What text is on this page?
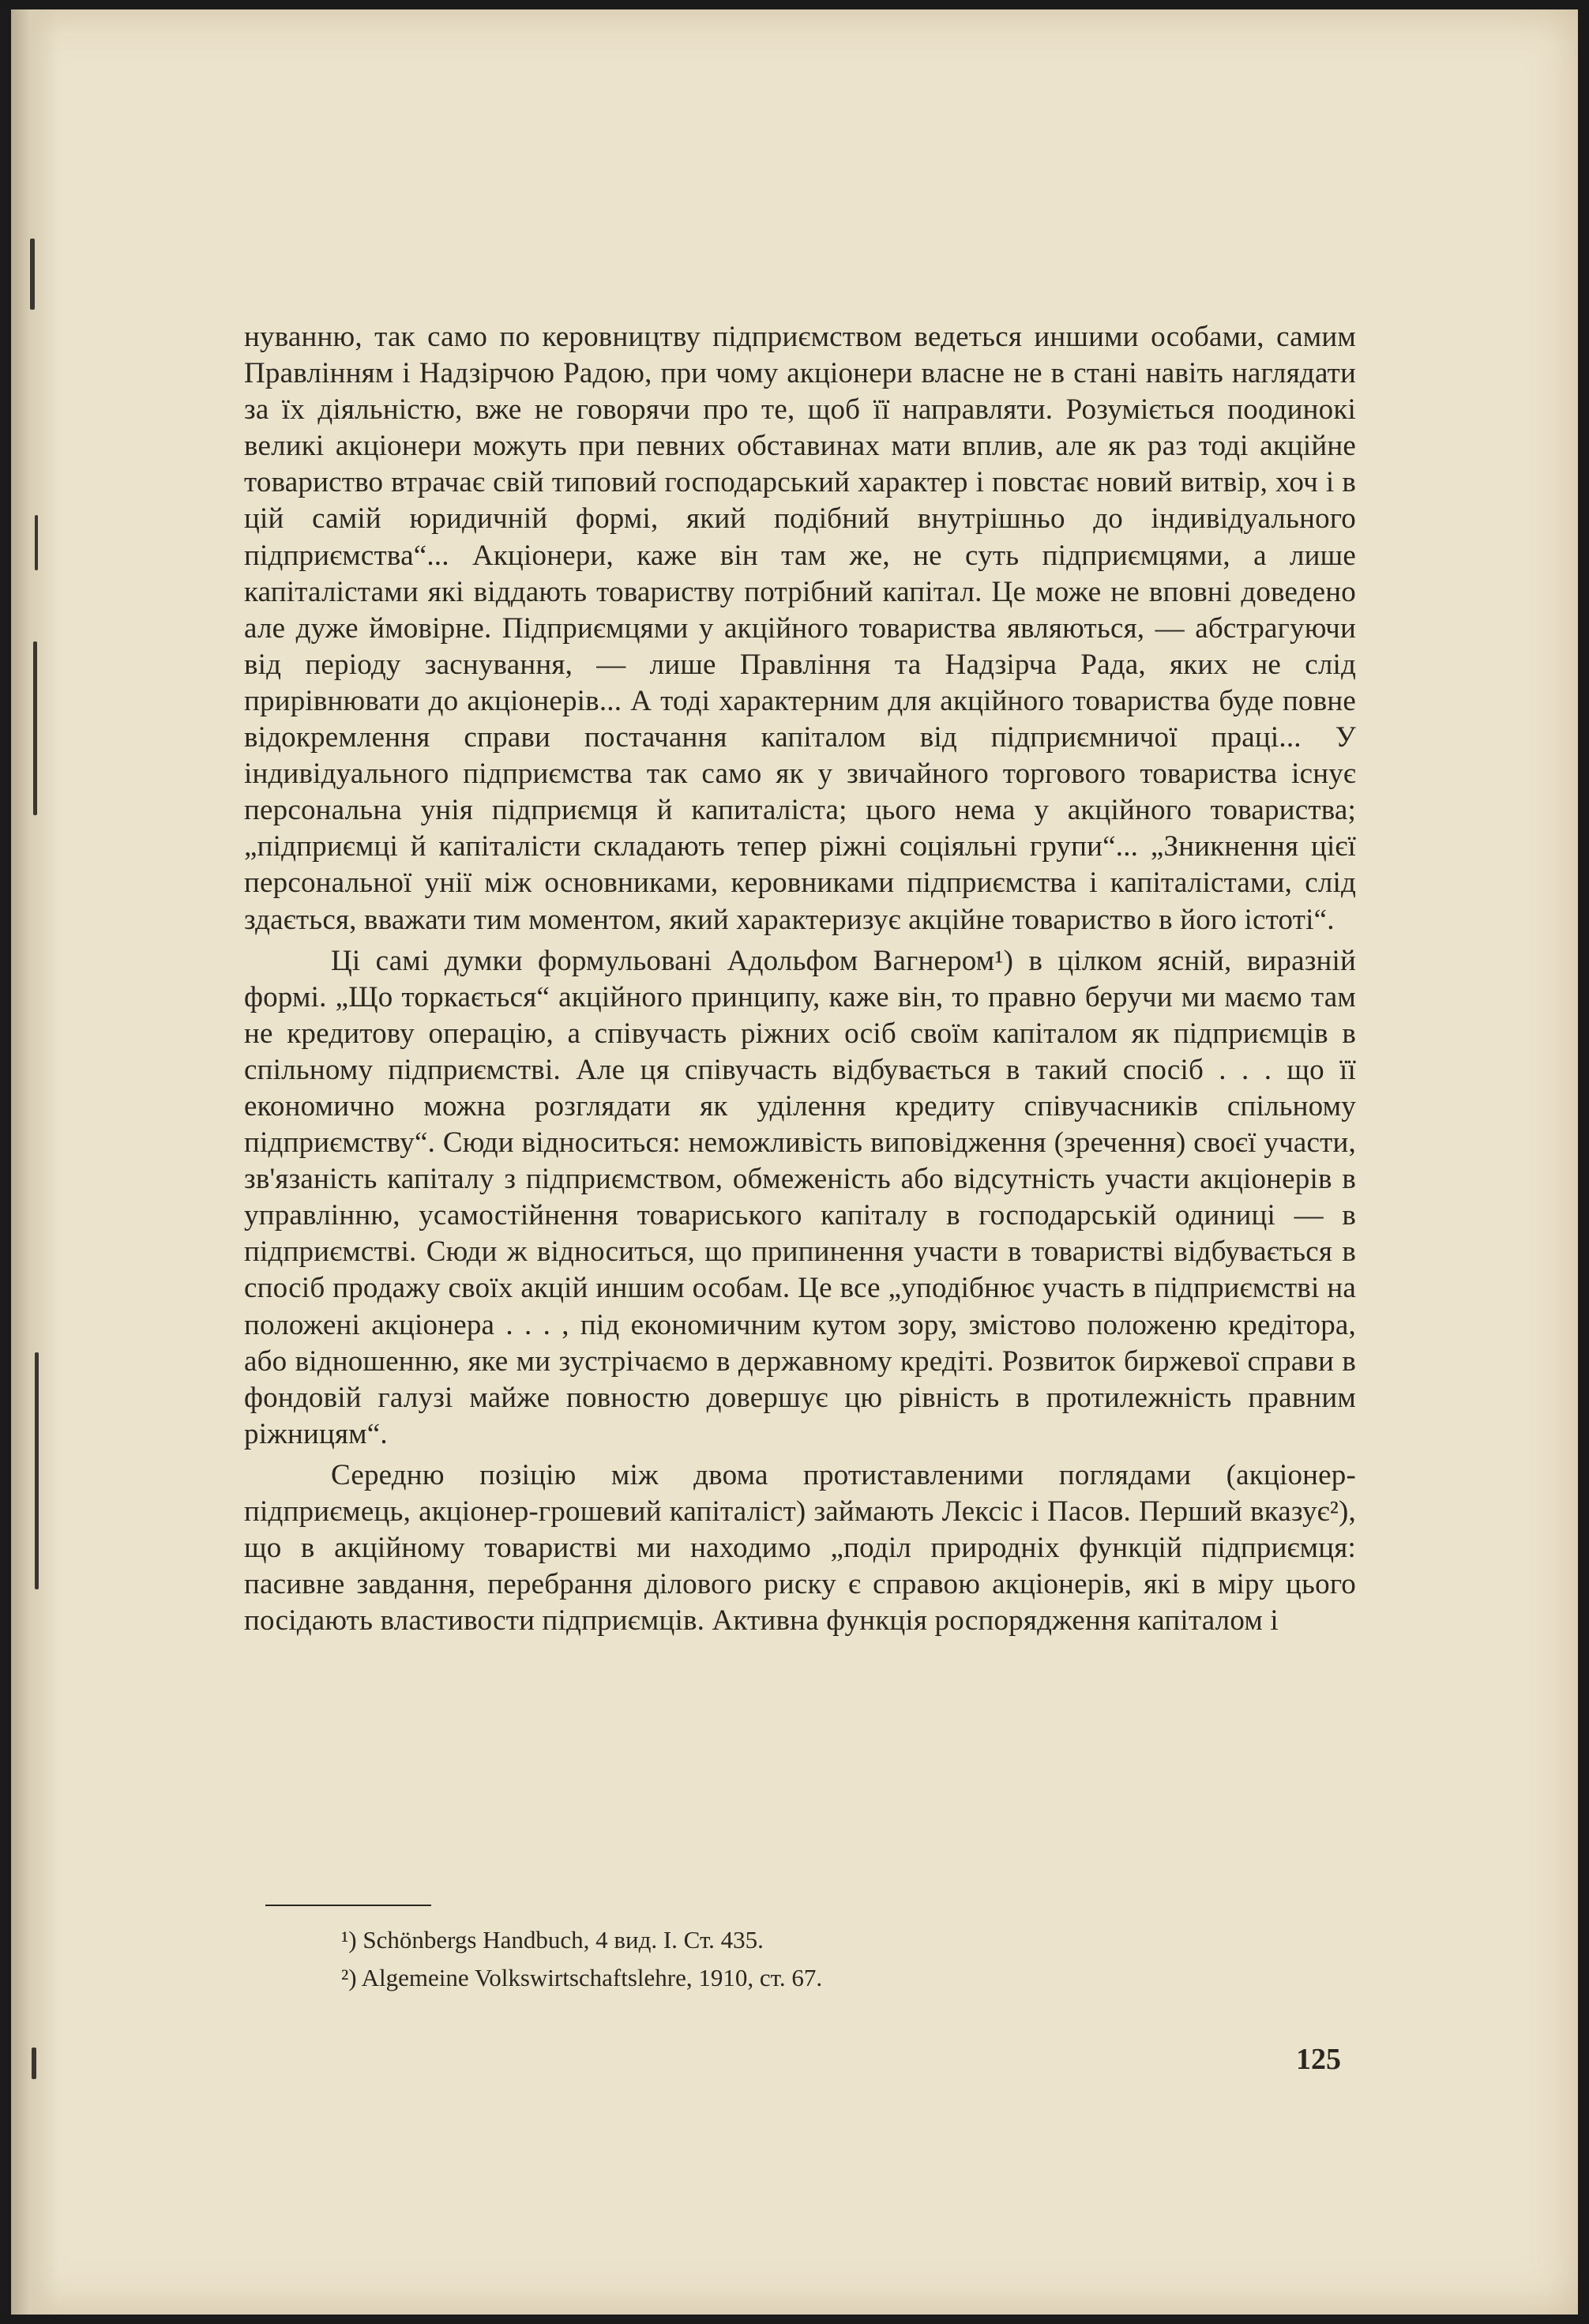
нуванню, так само по керовництву підприємством ведеться иншими особами, самим Правлінням і Надзірчою Радою, при чому акціонери власне не в стані навіть наглядати за їх діяльністю, вже не говорячи про те, щоб її направляти. Розуміється поодинокі великі акціонери можуть при певних обставинах мати вплив, але як раз тоді акційне товариство втрачає свій типовий господарський характер і повстає новий витвір, хоч і в цій самій юридичній формі, який подібний внутрішньо до індивідуального підприємства“... Акціонери, каже він там же, не суть підприємцями, а лише капіталістами які віддають товариству потрібний капітал. Це може не вповні доведено але дуже ймовірне. Підприємцями у акційного товариства являються, — абстрагуючи від періоду заснування, — лише Правління та Надзірча Рада, яких не слід прирівнювати до акціонерів... А тоді характерним для акційного товариства буде повне відокремлення справи постачання капіталом від підприємничої праці... У індивідуального підприємства так само як у звичайного торгового товариства існує персональна унія підприємця й капиталіста; цього нема у акційного товариства; „підприємці й капіталісти складають тепер ріжні соціяльні групи“... „Зникнення цієї персональної унії між основниками, керовниками підприємства і капіталістами, слід здається, вважати тим моментом, який характеризує акційне товариство в його істоті“.

Ці самі думки формульовані Адольфом Вагнером¹) в цілком ясній, виразній формі. „Що торкається“ акційного принципу, каже він, то правно беручи ми маємо там не кредитову операцію, а співучасть ріжних осіб своїм капіталом як підприємців в спільному підприємстві. Але ця співучасть відбувається в такий спосіб . . . що її економично можна розглядати як уділення кредиту співучасників спільному підприємству“. Сюди відноситься: неможливість виповідження (зречення) своєї участи, зв'язаність капіталу з підприємством, обмеженість або відсутність участи акціонерів в управлінню, усамостійнення товариського капіталу в господарській одиниці — в підприємстві. Сюди ж відноситься, що припинення участи в товаристві відбувається в спосіб продажу своїх акцій иншим особам. Це все „уподібнює участь в підприємстві на положені акціонера . . . , під економичним кутом зору, змістово положеню кредітора, або відношенню, яке ми зустрічаємо в державному кредіті. Розвиток биржевої справи в фондовій галузі майже повностю довершує цю рівність в протилежність правним ріжницям“.

Середню позіцію між двома протиставленими поглядами (акціонер-підприємець, акціонер-грошевий капіталіст) займають Лексіс і Пасов. Перший вказує²), що в акційному товаристві ми находимо „поділ природніх функцій підприємця: пасивне завдання, перебрання ділового риску є справою акціонерів, які в міру цього посідають властивости підприємців. Активна функція роспорядження капіталом і

¹) Schönbergs Handbuch, 4 вид. I. Ст. 435.
²) Algemeine Volkswirtschaftslehre, 1910, ст. 67.
125
